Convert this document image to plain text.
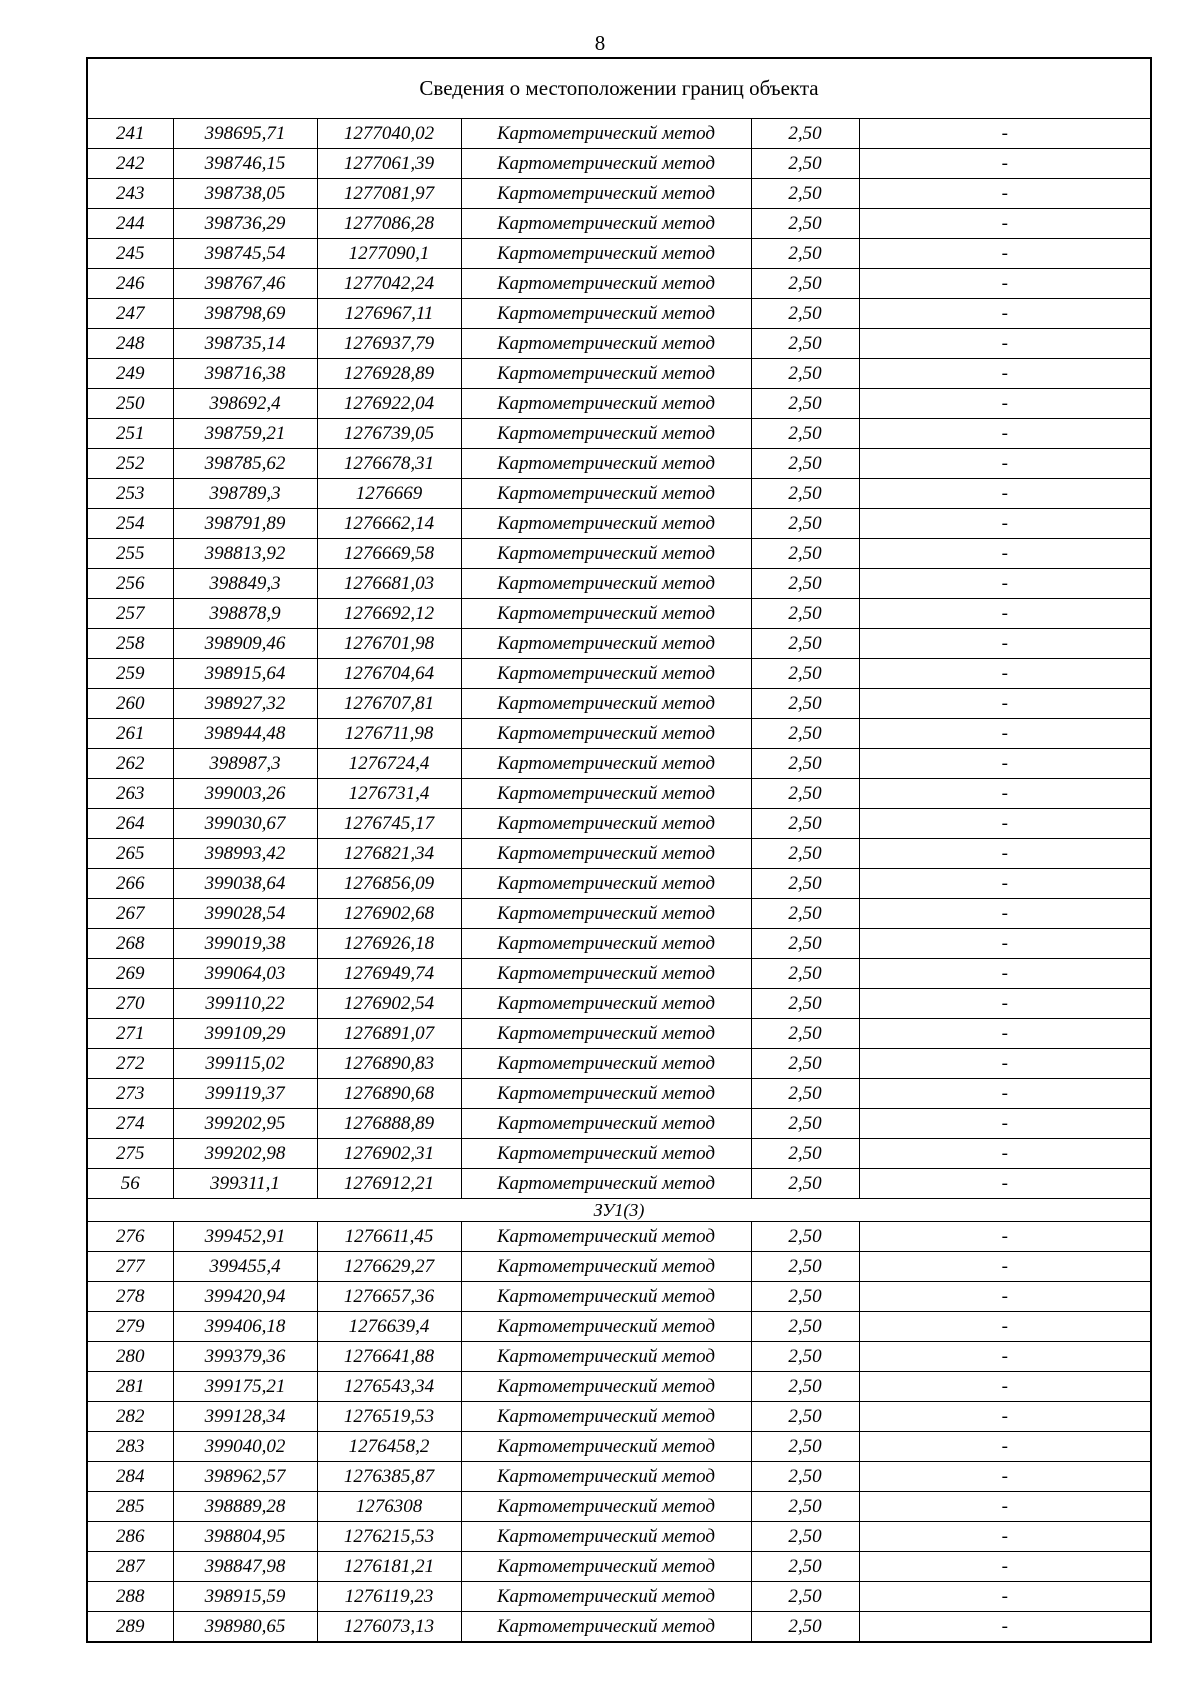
8
Сведения о местоположении границ объекта					
241	398695,71	1277040,02	Картометрический метод	2,50	-
242	398746,15	1277061,39	Картометрический метод	2,50	-
243	398738,05	1277081,97	Картометрический метод	2,50	-
244	398736,29	1277086,28	Картометрический метод	2,50	-
245	398745,54	1277090,1	Картометрический метод	2,50	-
246	398767,46	1277042,24	Картометрический метод	2,50	-
247	398798,69	1276967,11	Картометрический метод	2,50	-
248	398735,14	1276937,79	Картометрический метод	2,50	-
249	398716,38	1276928,89	Картометрический метод	2,50	-
250	398692,4	1276922,04	Картометрический метод	2,50	-
251	398759,21	1276739,05	Картометрический метод	2,50	-
252	398785,62	1276678,31	Картометрический метод	2,50	-
253	398789,3	1276669	Картометрический метод	2,50	-
254	398791,89	1276662,14	Картометрический метод	2,50	-
255	398813,92	1276669,58	Картометрический метод	2,50	-
256	398849,3	1276681,03	Картометрический метод	2,50	-
257	398878,9	1276692,12	Картометрический метод	2,50	-
258	398909,46	1276701,98	Картометрический метод	2,50	-
259	398915,64	1276704,64	Картометрический метод	2,50	-
260	398927,32	1276707,81	Картометрический метод	2,50	-
261	398944,48	1276711,98	Картометрический метод	2,50	-
262	398987,3	1276724,4	Картометрический метод	2,50	-
263	399003,26	1276731,4	Картометрический метод	2,50	-
264	399030,67	1276745,17	Картометрический метод	2,50	-
265	398993,42	1276821,34	Картометрический метод	2,50	-
266	399038,64	1276856,09	Картометрический метод	2,50	-
267	399028,54	1276902,68	Картометрический метод	2,50	-
268	399019,38	1276926,18	Картометрический метод	2,50	-
269	399064,03	1276949,74	Картометрический метод	2,50	-
270	399110,22	1276902,54	Картометрический метод	2,50	-
271	399109,29	1276891,07	Картометрический метод	2,50	-
272	399115,02	1276890,83	Картометрический метод	2,50	-
273	399119,37	1276890,68	Картометрический метод	2,50	-
274	399202,95	1276888,89	Картометрический метод	2,50	-
275	399202,98	1276902,31	Картометрический метод	2,50	-
56	399311,1	1276912,21	Картометрический метод	2,50	-
ЗУ1(3)					
276	399452,91	1276611,45	Картометрический метод	2,50	-
277	399455,4	1276629,27	Картометрический метод	2,50	-
278	399420,94	1276657,36	Картометрический метод	2,50	-
279	399406,18	1276639,4	Картометрический метод	2,50	-
280	399379,36	1276641,88	Картометрический метод	2,50	-
281	399175,21	1276543,34	Картометрический метод	2,50	-
282	399128,34	1276519,53	Картометрический метод	2,50	-
283	399040,02	1276458,2	Картометрический метод	2,50	-
284	398962,57	1276385,87	Картометрический метод	2,50	-
285	398889,28	1276308	Картометрический метод	2,50	-
286	398804,95	1276215,53	Картометрический метод	2,50	-
287	398847,98	1276181,21	Картометрический метод	2,50	-
288	398915,59	1276119,23	Картометрический метод	2,50	-
289	398980,65	1276073,13	Картометрический метод	2,50	-
